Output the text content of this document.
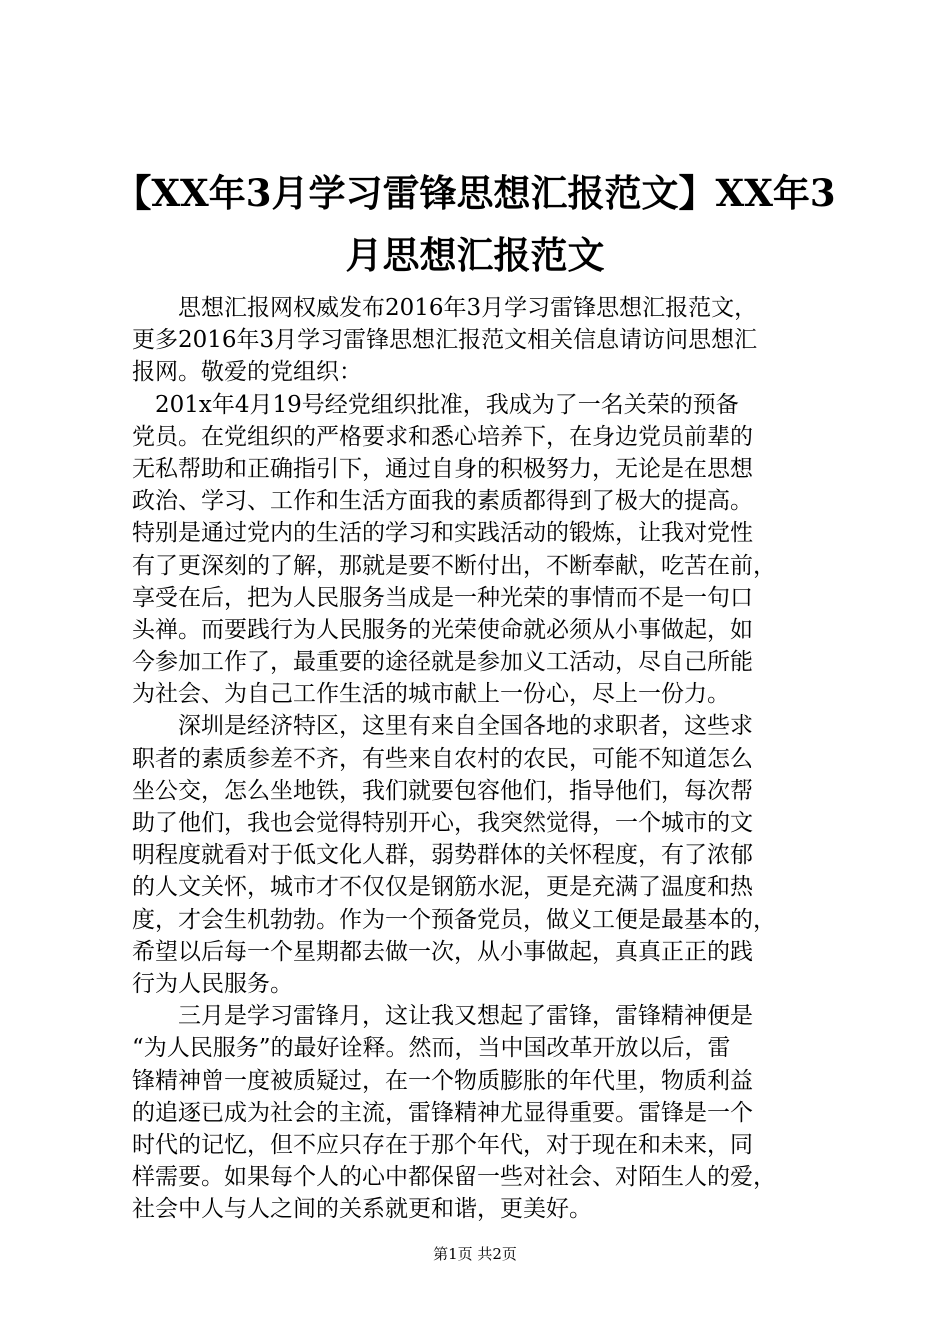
【XX年3月学习雷锋思想汇报范文】XX年3
月思想汇报范文
　　思想汇报网权威发布2016年3月学习雷锋思想汇报范文，
更多2016年3月学习雷锋思想汇报范文相关信息请访问思想汇
报网。敬爱的党组织：
　201x年4月19号经党组织批准，我成为了一名关荣的预备
党员。在党组织的严格要求和悉心培养下，在身边党员前辈的
无私帮助和正确指引下，通过自身的积极努力，无论是在思想
政治、学习、工作和生活方面我的素质都得到了极大的提高。
特别是通过党内的生活的学习和实践活动的锻炼，让我对党性
有了更深刻的了解，那就是要不断付出，不断奉献，吃苦在前，
享受在后，把为人民服务当成是一种光荣的事情而不是一句口
头禅。而要践行为人民服务的光荣使命就必须从小事做起，如
今参加工作了，最重要的途径就是参加义工活动，尽自己所能
为社会、为自己工作生活的城市献上一份心，尽上一份力。
　　深圳是经济特区，这里有来自全国各地的求职者，这些求
职者的素质参差不齐，有些来自农村的农民，可能不知道怎么
坐公交，怎么坐地铁，我们就要包容他们，指导他们，每次帮
助了他们，我也会觉得特别开心，我突然觉得，一个城市的文
明程度就看对于低文化人群，弱势群体的关怀程度，有了浓郁
的人文关怀，城市才不仅仅是钢筋水泥，更是充满了温度和热
度，才会生机勃勃。作为一个预备党员，做义工便是最基本的，
希望以后每一个星期都去做一次，从小事做起，真真正正的践
行为人民服务。
　　三月是学习雷锋月，这让我又想起了雷锋，雷锋精神便是
“为人民服务”的最好诠释。然而，当中国改革开放以后，雷
锋精神曾一度被质疑过，在一个物质膨胀的年代里，物质利益
的追逐已成为社会的主流，雷锋精神尤显得重要。雷锋是一个
时代的记忆，但不应只存在于那个年代，对于现在和未来，同
样需要。如果每个人的心中都保留一些对社会、对陌生人的爱，
社会中人与人之间的关系就更和谐，更美好。
第1页 共2页
